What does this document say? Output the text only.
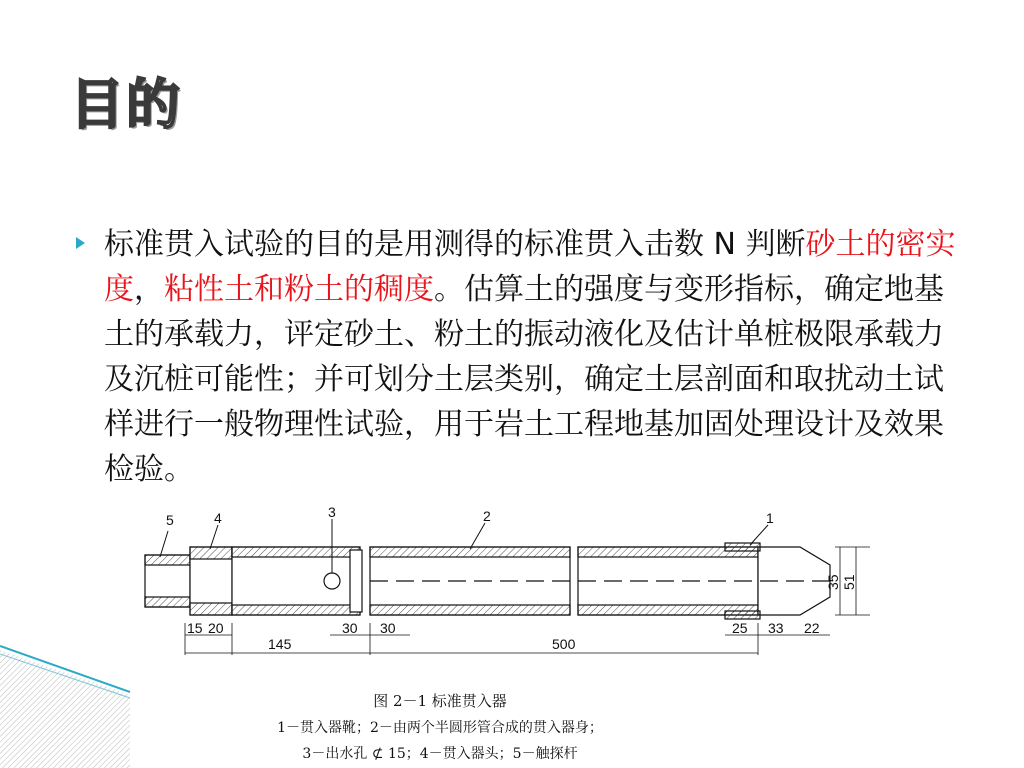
目的
标准贯入试验的目的是用测得的标准贯入击数 N 判断砂土的密实度，粘性土和粉土的稠度。估算土的强度与变形指标，确定地基土的承载力，评定砂土、粉土的振动液化及估计单桩极限承载力及沉桩可能性；并可划分土层类别，确定土层剖面和取扰动土试样进行一般物理性试验，用于岩土工程地基加固处理设计及效果检验。
5	4	3	2	1
15 20
145
30 30
500
25 33 22
35 51
图 2－1 标准贯入器
1－贯入器靴；2－由两个半圆形管合成的贯入器身；
3－出水孔 ⊄ 15；4－贯入器头；5－触探杆
